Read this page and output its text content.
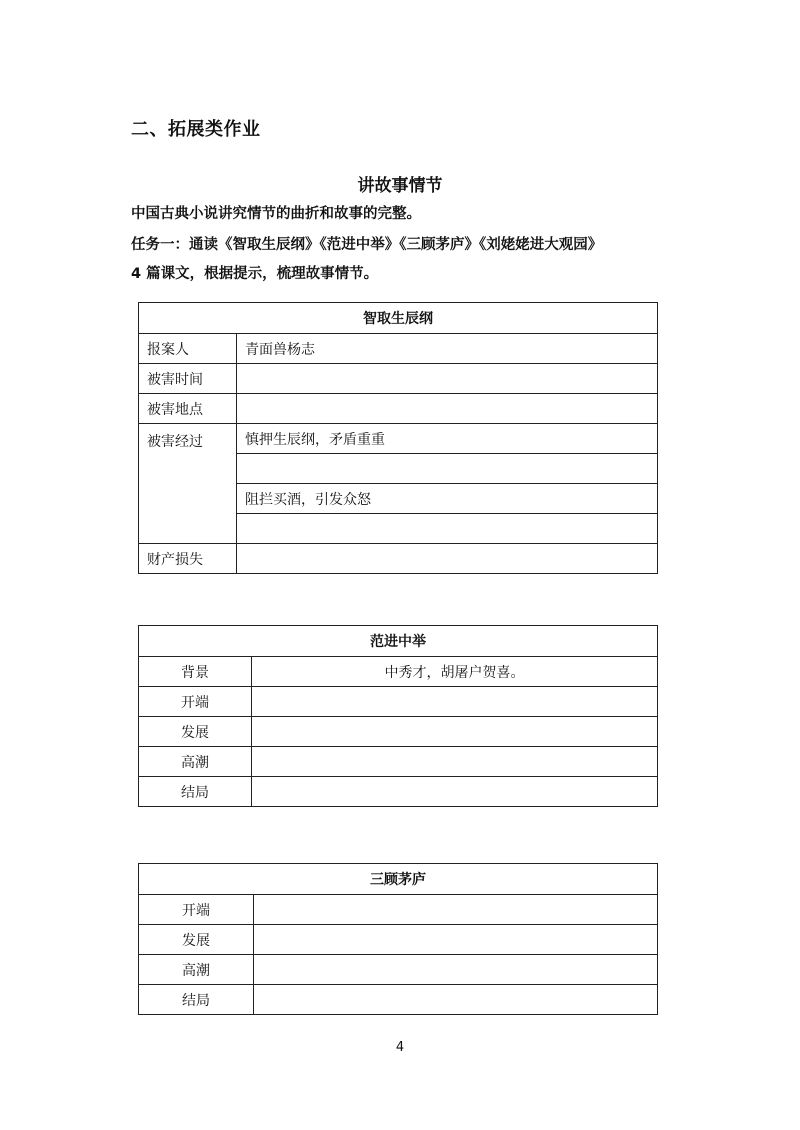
二、拓展类作业
讲故事情节
中国古典小说讲究情节的曲折和故事的完整。
任务一：通读《智取生辰纲》《范进中举》《三顾茅庐》《刘姥姥进大观园》
4 篇课文，根据提示，梳理故事情节。
智取生辰纲	
报案人	青面兽杨志
被害时间	
被害地点	
被害经过	慎押生辰纲，矛盾重重

	阻拦买酒，引发众怒

财产损失	
范进中举	
背景	中秀才，胡屠户贺喜。
开端	
发展	
高潮	
结局	
三顾茅庐	
开端	
发展	
高潮	
结局	
4
